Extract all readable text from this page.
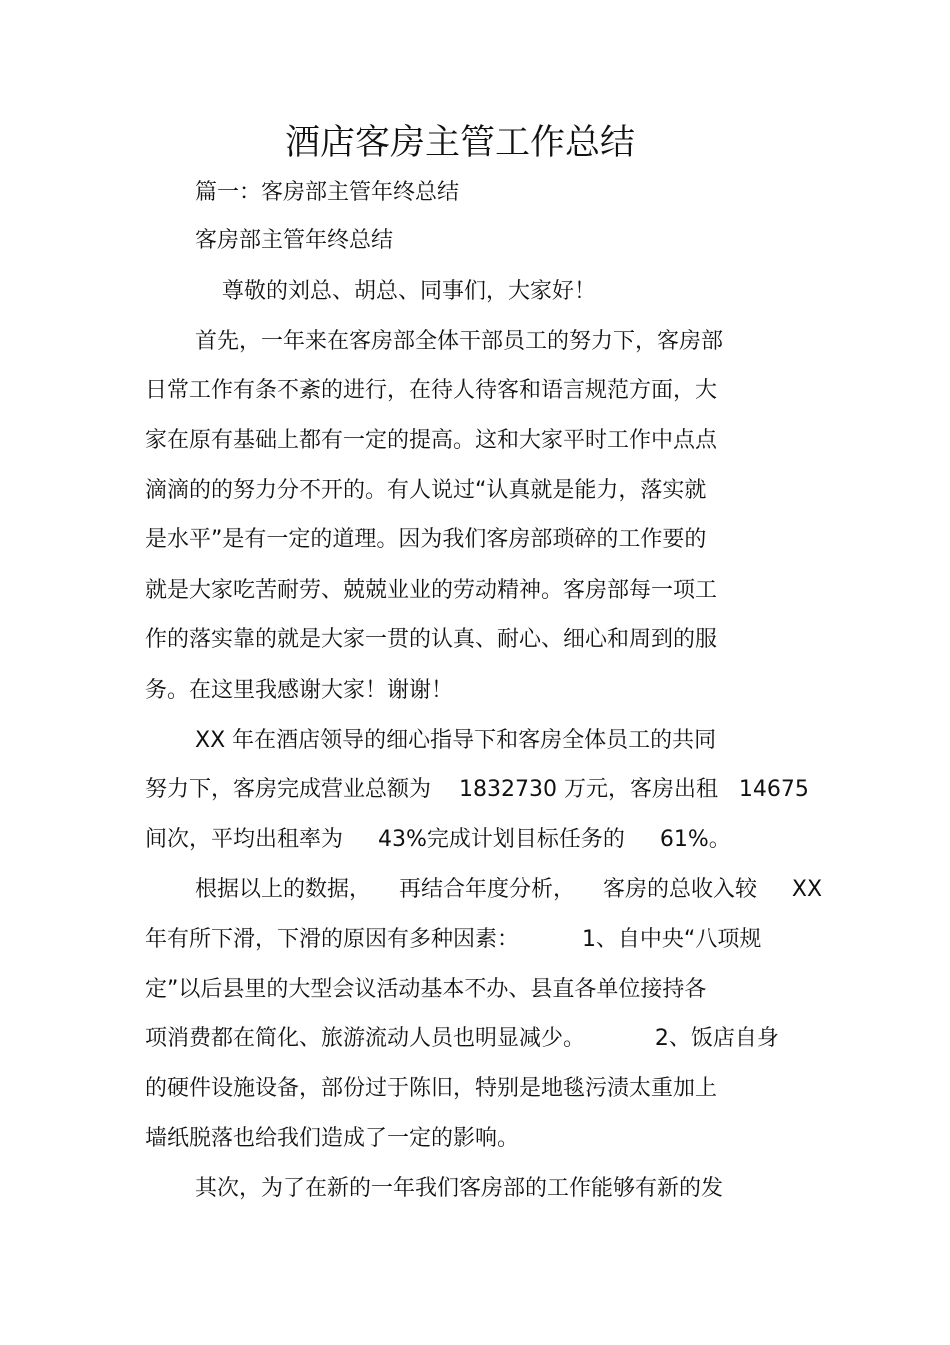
酒店客房主管工作总结
篇一：客房部主管年终总结
客房部主管年终总结
尊敬的刘总、胡总、同事们，大家好！
首先，一年来在客房部全体干部员工的努力下，客房部
日常工作有条不紊的进行，在待人待客和语言规范方面，大
家在原有基础上都有一定的提高。这和大家平时工作中点点
滴滴的的努力分不开的。有人说过“认真就是能力，落实就
是水平”是有一定的道理。因为我们客房部琐碎的工作要的
就是大家吃苦耐劳、兢兢业业的劳动精神。客房部每一项工
作的落实靠的就是大家一贯的认真、耐心、细心和周到的服
务。在这里我感谢大家！谢谢！
XX 年在酒店领导的细心指导下和客房全体员工的共同
努力下，客房完成营业总额为    1832730 万元，客房出租   14675
间次，平均出租率为     43%完成计划目标任务的     61%。
根据以上的数据，    再结合年度分析，    客房的总收入较     XX
年有所下滑，下滑的原因有多种因素：         1、自中央“八项规
定”以后县里的大型会议活动基本不办、县直各单位接持各
项消费都在简化、旅游流动人员也明显减少。          2、饭店自身
的硬件设施设备，部份过于陈旧，特别是地毯污渍太重加上
墙纸脱落也给我们造成了一定的影响。
其次，为了在新的一年我们客房部的工作能够有新的发
